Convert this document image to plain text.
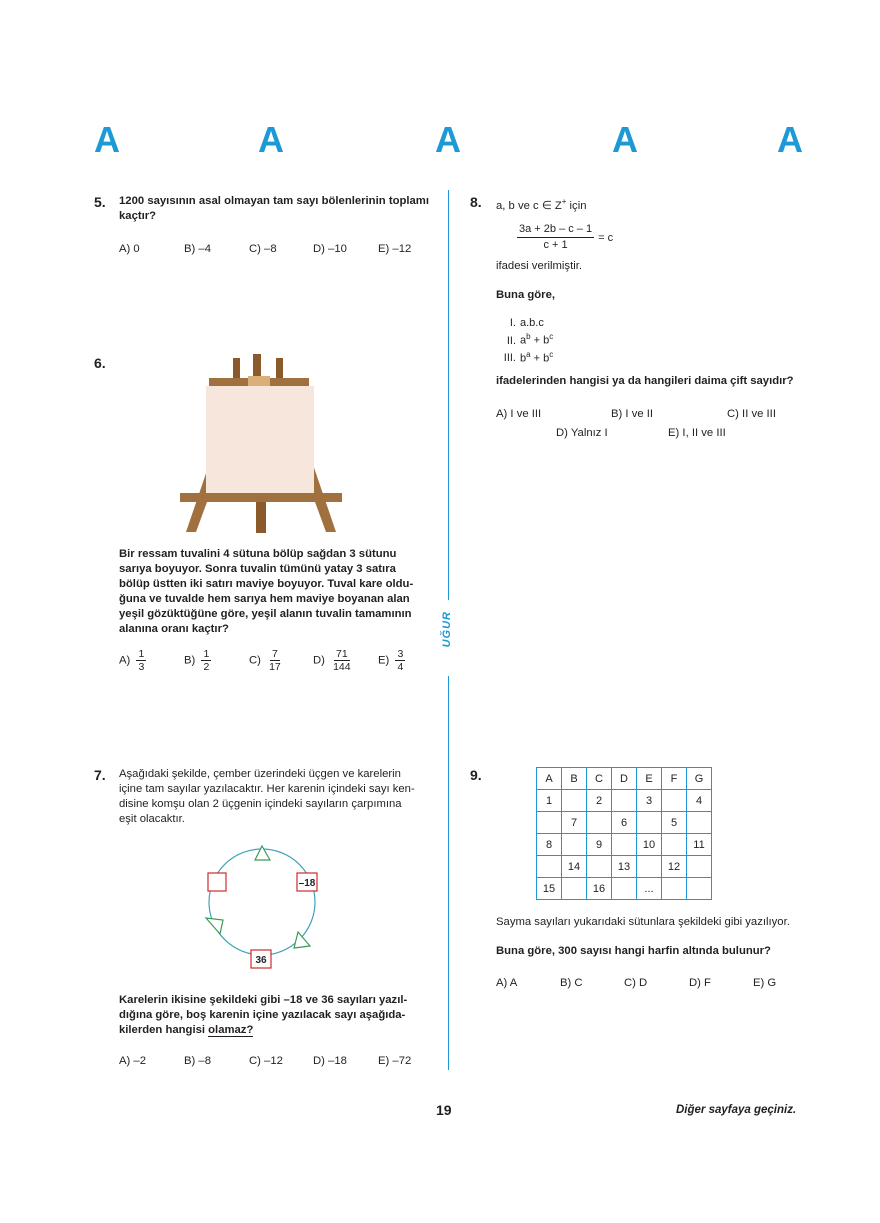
A	A	A	A	A
UĞUR
5. 1200 sayısının asal olmayan tam sayı bölenlerinin toplamı kaçtır?
A) 0	B) –4	C) –8	D) –10	E) –12
6.
Bir ressam tuvalini 4 sütuna bölüp sağdan 3 sütunu
sarıya boyuyor. Sonra tuvalin tümünü yatay 3 satıra
bölüp üstten iki satırı maviye boyuyor. Tuval kare oldu-
ğuna ve tuvalde hem sarıya hem maviye boyanan alan
yeşil gözüktüğüne göre, yeşil alanın tuvalin tamamının
alanına oranı kaçtır?
$A) \frac{1}{3}$	$B) \frac{1}{2}$	$C) \frac{7}{17}$	$D) \frac{71}{144} E) \frac{3}{4}$
7. Aşağıdaki şekilde, çember üzerindeki üçgen ve karelerin
içine tam sayılar yazılacaktır. Her karenin içindeki sayı ken-
disine komşu olan 2 üçgenin içindeki sayıların çarpımına
eşit olacaktır.
–18
36
Karelerin ikisine şekildeki gibi –18 ve 36 sayıları yazıl-
dığına göre, boş karenin içine yazılacak sayı aşağıda-
kilerden hangisi olamaz?
A) –2	B) –8	C) –12	D) –18	E) –72
8. a, b ve c ∈ Z+ için
$\frac{3a + 2b - c - 1}{c + 1} = c$
ifadesi verilmiştir.
Buna göre,
I. a.b.c
II. $a^b + b^c$
III. $b^a + b^c$
ifadelerinden hangisi ya da hangileri daima çift sayıdır?
A) I ve III	B) I ve II	C) II ve III
D) Yalnız I	E) I, II ve III
9.	A	B	C	D	E	F	G
1		2		3		4
	7		6		5	
8		9		10		11
	14		13		12	
15		16		...		
Sayma sayıları yukarıdaki sütunlara şekildeki gibi yazılıyor.
Buna göre, 300 sayısı hangi harfin altında bulunur?
A) A	B) C	C) D	D) F	E) G
19	Diğer sayfaya geçiniz.
